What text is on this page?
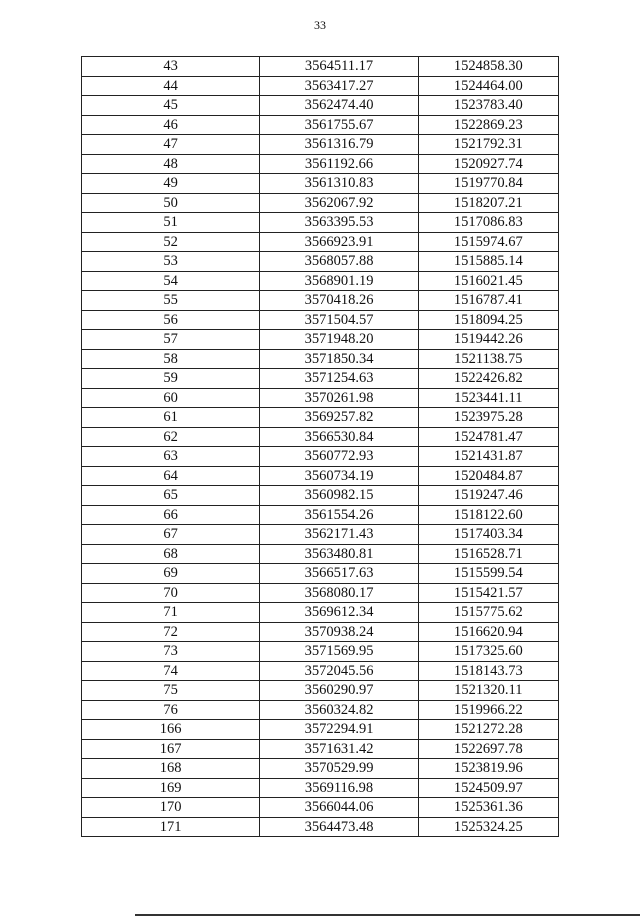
33
43	3564511.17	1524858.30
44	3563417.27	1524464.00
45	3562474.40	1523783.40
46	3561755.67	1522869.23
47	3561316.79	1521792.31
48	3561192.66	1520927.74
49	3561310.83	1519770.84
50	3562067.92	1518207.21
51	3563395.53	1517086.83
52	3566923.91	1515974.67
53	3568057.88	1515885.14
54	3568901.19	1516021.45
55	3570418.26	1516787.41
56	3571504.57	1518094.25
57	3571948.20	1519442.26
58	3571850.34	1521138.75
59	3571254.63	1522426.82
60	3570261.98	1523441.11
61	3569257.82	1523975.28
62	3566530.84	1524781.47
63	3560772.93	1521431.87
64	3560734.19	1520484.87
65	3560982.15	1519247.46
66	3561554.26	1518122.60
67	3562171.43	1517403.34
68	3563480.81	1516528.71
69	3566517.63	1515599.54
70	3568080.17	1515421.57
71	3569612.34	1515775.62
72	3570938.24	1516620.94
73	3571569.95	1517325.60
74	3572045.56	1518143.73
75	3560290.97	1521320.11
76	3560324.82	1519966.22
166	3572294.91	1521272.28
167	3571631.42	1522697.78
168	3570529.99	1523819.96
169	3569116.98	1524509.97
170	3566044.06	1525361.36
171	3564473.48	1525324.25
